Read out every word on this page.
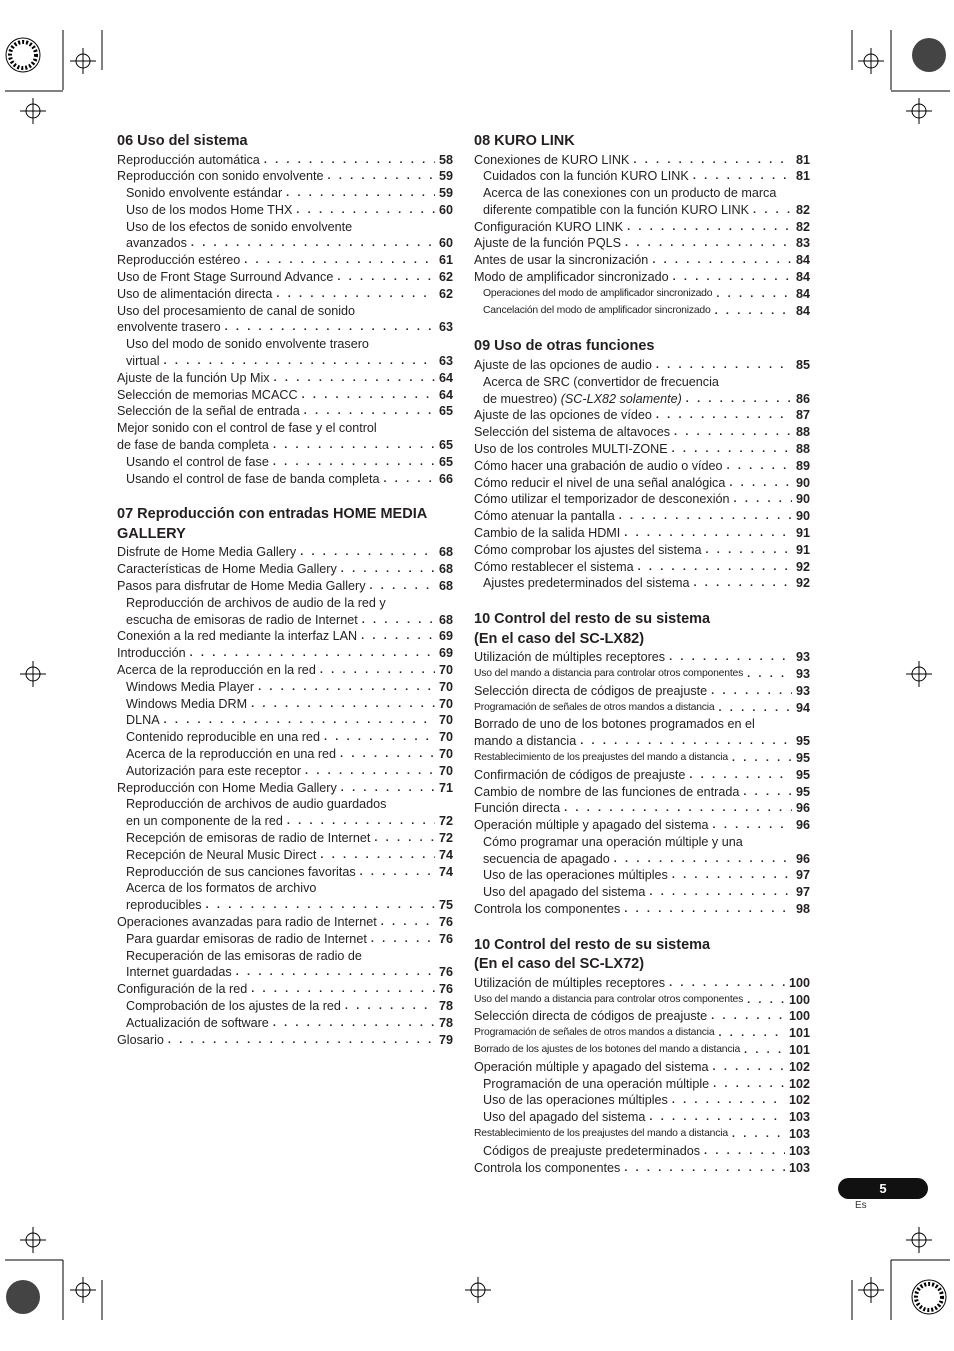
06 Uso del sistema
Reproducción automática . . .	58
Reproducción con sonido envolvente . . .	59
Sonido envolvente estándar . . .	59
Uso de los modos Home THX . . .	60
Uso de los efectos de sonido envolvente
avanzados . . .	60
Reproducción estéreo . . .	61
Uso de Front Stage Surround Advance . . .	62
Uso de alimentación directa . . .	62
Uso del procesamiento de canal de sonido
envolvente trasero . . .	63
Uso del modo de sonido envolvente trasero
virtual . . .	63
Ajuste de la función Up Mix . . .	64
Selección de memorias MCACC . . .	64
Selección de la señal de entrada . . .	65
Mejor sonido con el control de fase y el control
de fase de banda completa . . .	65
Usando el control de fase . . .	65
Usando el control de fase de banda completa . . .	66
07 Reproducción con entradas HOME MEDIA
GALLERY
Disfrute de Home Media Gallery . . .	68
Características de Home Media Gallery . . .	68
Pasos para disfrutar de Home Media Gallery . . .	68
Reproducción de archivos de audio de la red y
escucha de emisoras de radio de Internet . . .	68
Conexión a la red mediante la interfaz LAN . . .	69
Introducción . . .	69
Acerca de la reproducción en la red . . .	70
Windows Media Player . . .	70
Windows Media DRM . . .	70
DLNA . . .	70
Contenido reproducible en una red . . .	70
Acerca de la reproducción en una red . . .	70
Autorización para este receptor . . .	70
Reproducción con Home Media Gallery . . .	71
Reproducción de archivos de audio guardados
en un componente de la red . . .	72
Recepción de emisoras de radio de Internet . . .	72
Recepción de Neural Music Direct . . .	74
Reproducción de sus canciones favoritas . . .	74
Acerca de los formatos de archivo
reproducibles . . .	75
Operaciones avanzadas para radio de Internet . . .	76
Para guardar emisoras de radio de Internet . . .	76
Recuperación de las emisoras de radio de
Internet guardadas . . .	76
Configuración de la red . . .	76
Comprobación de los ajustes de la red . . .	78
Actualización de software . . .	78
Glosario . . .	79
08 KURO LINK
Conexiones de KURO LINK . . .	81
Cuidados con la función KURO LINK . . .	81
Acerca de las conexiones con un producto de marca
diferente compatible con la función KURO LINK . . .	82
Configuración KURO LINK . . .	82
Ajuste de la función PQLS . . .	83
Antes de usar la sincronización . . .	84
Modo de amplificador sincronizado . . .	84
Operaciones del modo de amplificador sincronizado . . .	84
Cancelación del modo de amplificador sincronizado . . .	84
09 Uso de otras funciones
Ajuste de las opciones de audio . . .	85
Acerca de SRC (convertidor de frecuencia
de muestreo) (SC-LX82 solamente) . . .	86
Ajuste de las opciones de vídeo . . .	87
Selección del sistema de altavoces . . .	88
Uso de los controles MULTI-ZONE . . .	88
Cómo hacer una grabación de audio o vídeo . . .	89
Cómo reducir el nivel de una señal analógica . . .	90
Cómo utilizar el temporizador de desconexión . . .	90
Cómo atenuar la pantalla . . .	90
Cambio de la salida HDMI . . .	91
Cómo comprobar los ajustes del sistema . . .	91
Cómo restablecer el sistema . . .	92
Ajustes predeterminados del sistema . . .	92
10 Control del resto de su sistema
(En el caso del SC-LX82)
Utilización de múltiples receptores . . .	93
Uso del mando a distancia para controlar otros componentes . . .	93
Selección directa de códigos de preajuste . . .	93
Programación de señales de otros mandos a distancia . . .	94
Borrado de uno de los botones programados en el
mando a distancia . . .	95
Restablecimiento de los preajustes del mando a distancia . . .	95
Confirmación de códigos de preajuste . . .	95
Cambio de nombre de las funciones de entrada . . .	95
Función directa . . .	96
Operación múltiple y apagado del sistema . . .	96
Cómo programar una operación múltiple y una
secuencia de apagado . . .	96
Uso de las operaciones múltiples . . .	97
Uso del apagado del sistema . . .	97
Controla los componentes . . .	98
10 Control del resto de su sistema
(En el caso del SC-LX72)
Utilización de múltiples receptores . . .	100
Uso del mando a distancia para controlar otros componentes . . .	100
Selección directa de códigos de preajuste . . .	100
Programación de señales de otros mandos a distancia . . .	101
Borrado de los ajustes de los botones del mando a distancia . . .	101
Operación múltiple y apagado del sistema . . .	102
Programación de una operación múltiple . . .	102
Uso de las operaciones múltiples . . .	102
Uso del apagado del sistema . . .	103
Restablecimiento de los preajustes del mando a distancia . . .	103
Códigos de preajuste predeterminados . . .	103
Controla los componentes . . .	103
5
Es
